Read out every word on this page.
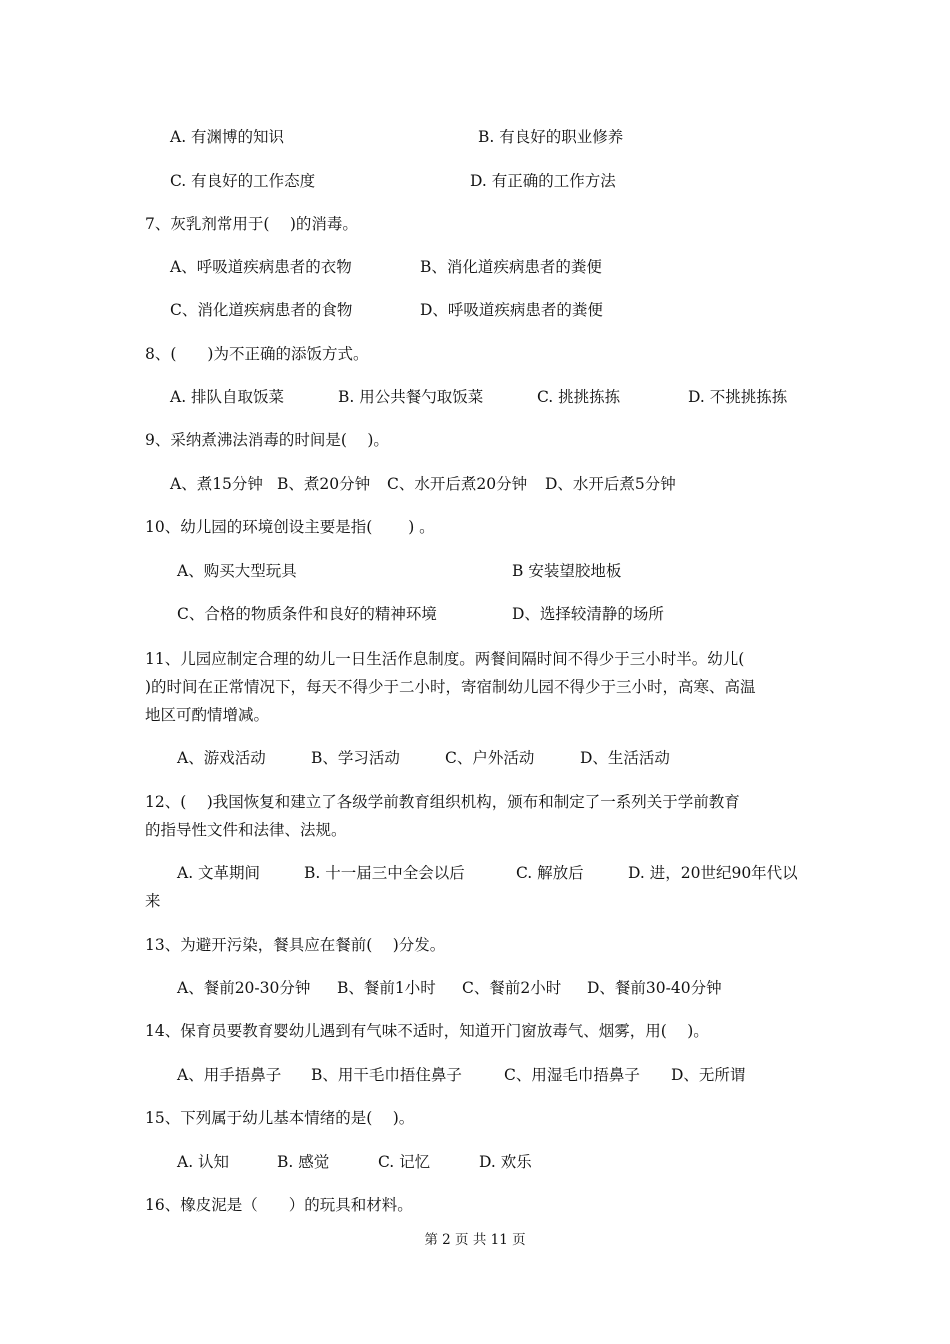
A. 有渊博的知识	B. 有良好的职业修养
C. 有良好的工作态度	D. 有正确的工作方法
7、灰乳剂常用于(　 )的消毒。
A、呼吸道疾病患者的衣物	B、消化道疾病患者的粪便
C、消化道疾病患者的食物	D、呼吸道疾病患者的粪便
8、(　　)为不正确的添饭方式。
A. 排队自取饭菜	B. 用公共餐勺取饭菜	C. 挑挑拣拣	D. 不挑挑拣拣
9、采纳煮沸法消毒的时间是(　 )。
A、煮15分钟 B、煮20分钟 C、水开后煮20分钟 D、水开后煮5分钟
10、幼儿园的环境创设主要是指(　　 ) 。
A、购买大型玩具	B 安装望胶地板
C、合格的物质条件和良好的精神环境	D、选择较清静的场所
11、儿园应制定合理的幼儿一日生活作息制度。两餐间隔时间不得少于三小时半。幼儿(
)的时间在正常情况下，每天不得少于二小时，寄宿制幼儿园不得少于三小时，高寒、高温
地区可酌情增减。
A、游戏活动	B、学习活动	C、户外活动	D、生活活动
12、(　 )我国恢复和建立了各级学前教育组织机构，颁布和制定了一系列关于学前教育
的指导性文件和法律、法规。
A. 文革期间	B. 十一届三中全会以后	C. 解放后	D. 进，20世纪90年代以
来
13、为避开污染，餐具应在餐前(　 )分发。
A、餐前20-30分钟 B、餐前1小时 C、餐前2小时 D、餐前30-40分钟
14、保育员要教育婴幼儿遇到有气味不适时，知道开门窗放毒气、烟雾，用(　 )。
A、用手捂鼻子 B、用干毛巾捂住鼻子	C、用湿毛巾捂鼻子 D、无所谓
15、下列属于幼儿基本情绪的是(　 )。
A. 认知	B. 感觉	C. 记忆	D. 欢乐
16、橡皮泥是（　　）的玩具和材料。
第 2 页 共 11 页
